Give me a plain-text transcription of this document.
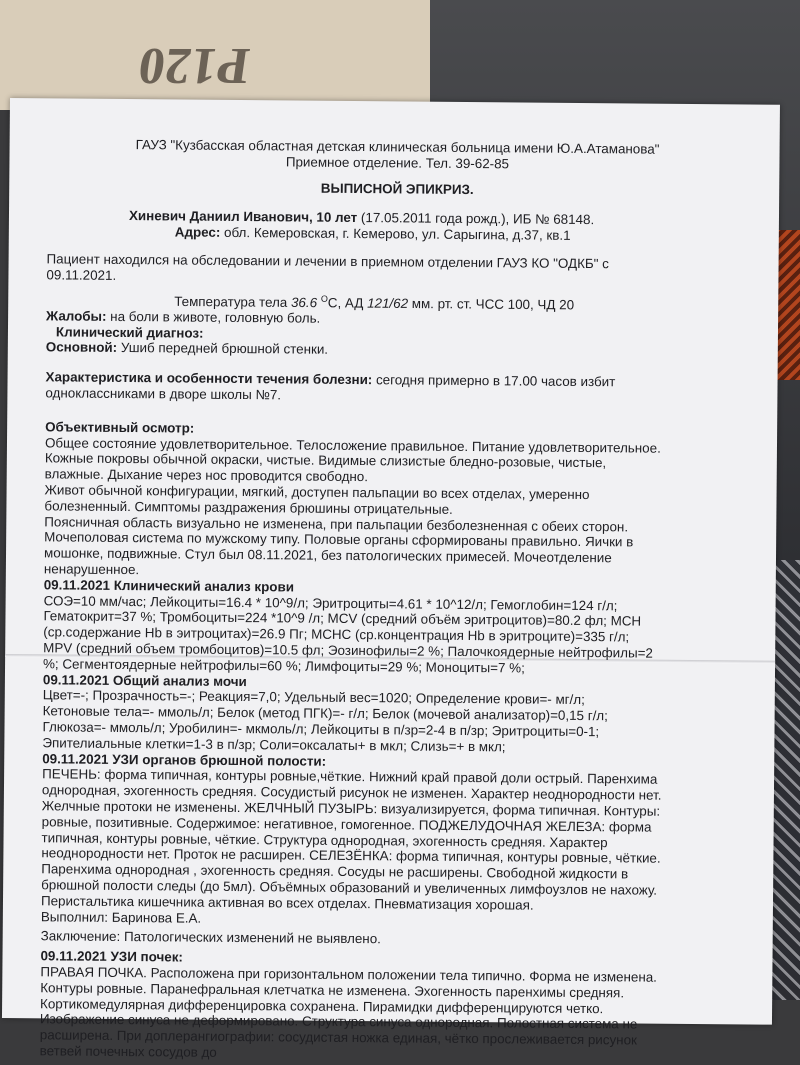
P120
ГАУЗ "Кузбасская областная детская клиническая больница имени Ю.А.Атаманова"
Приемное отделение. Тел. 39-62-85
ВЫПИСНОЙ ЭПИКРИЗ.
Хиневич Даниил Иванович, 10 лет (17.05.2011 года рожд.), ИБ № 68148.
Адрес: обл. Кемеровская, г. Кемерово, ул. Сарыгина, д.37, кв.1
Пациент находился на обследовании и лечении в приемном отделении ГАУЗ КО "ОДКБ" с
09.11.2021.
Температура тела 36.6 $^O$С, АД 121/62 мм. рт. ст. ЧСС 100, ЧД 20
Жалобы: на боли в животе, головную боль.
Клинический диагноз:
Основной: Ушиб передней брюшной стенки.
Характеристика и особенности течения болезни: сегодня примерно в 17.00 часов избит
одноклассниками в дворе школы №7.
Объективный осмотр:
Общее состояние удовлетворительное. Телосложение правильное. Питание удовлетворительное.
Кожные покровы обычной окраски, чистые. Видимые слизистые бледно-розовые, чистые,
влажные. Дыхание через нос проводится свободно.
Живот обычной конфигурации, мягкий, доступен пальпации во всех отделах, умеренно
болезненный. Симптомы раздражения брюшины отрицательные.
Поясничная область визуально не изменена, при пальпации безболезненная с обеих сторон.
Мочеполовая система по мужскому типу. Половые органы сформированы правильно. Яички в
мошонке, подвижные. Стул был 08.11.2021, без патологических примесей. Мочеотделение
ненарушенное.
09.11.2021 Клинический анализ крови
СОЭ=10 мм/час; Лейкоциты=16.4 * 10^9/л; Эритроциты=4.61 * 10^12/л; Гемоглобин=124 г/л;
Гематокрит=37 %; Тромбоциты=224 *10^9 /л; MCV (средний объём эритроцитов)=80.2 фл; MCH
(ср.содержание Hb в эитроцитах)=26.9 Пг; MCHC (ср.концентрация Hb в эритроците)=335 г/л;
MPV (средний объем тромбоцитов)=10.5 фл; Эозинофилы=2 %; Палочкоядерные нейтрофилы=2
%; Сегментоядерные нейтрофилы=60 %; Лимфоциты=29 %; Моноциты=7 %;
09.11.2021 Общий анализ мочи
Цвет=-; Прозрачность=-; Реакция=7,0; Удельный вес=1020; Определение крови=- мг/л;
Кетоновые тела=- ммоль/л; Белок (метод ПГК)=- г/л; Белок (мочевой анализатор)=0,15 г/л;
Глюкоза=- ммоль/л; Уробилин=- мкмоль/л; Лейкоциты в п/зр=2-4 в п/зр; Эритроциты=0-1;
Эпителиальные клетки=1-3 в п/зр; Соли=оксалаты+ в мкл; Слизь=+ в мкл;
09.11.2021 УЗИ органов брюшной полости:
ПЕЧЕНЬ: форма типичная, контуры ровные,чёткие. Нижний край правой доли острый. Паренхима
однородная, эхогенность средняя. Сосудистый рисунок не изменен. Характер неоднородности нет.
Желчные протоки не изменены. ЖЕЛЧНЫЙ ПУЗЫРЬ: визуализируется, форма типичная. Контуры:
ровные, позитивные. Содержимое: негативное, гомогенное. ПОДЖЕЛУДОЧНАЯ ЖЕЛЕЗА: форма
типичная, контуры ровные, чёткие. Структура однородная, эхогенность средняя. Характер
неоднородности нет. Проток не расширен. СЕЛЕЗЁНКА: форма типичная, контуры ровные, чёткие.
Паренхима однородная , эхогенность средняя. Сосуды не расширены. Свободной жидкости в
брюшной полости следы (до 5мл). Объёмных образований и увеличенных лимфоузлов не нахожу.
Перистальтика кишечника активная во всех отделах. Пневматизация хорошая.
Выполнил: Баринова Е.А.
Заключение: Патологических изменений не выявлено.
09.11.2021 УЗИ почек:
ПРАВАЯ ПОЧКА. Расположена при горизонтальном положении тела типично. Форма не изменена.
Контуры ровные. Паранефральная клетчатка не изменена. Эхогенность паренхимы средняя.
Кортикомедулярная дифференцировка сохранена. Пирамидки дифференцируются четко.
Изображение синуса не деформировано. Структура синуса однородная. Полостная система не
расширена. При доплерангиографии: сосудистая ножка единая, чётко прослеживается рисунок
ветвей почечных сосудов до
